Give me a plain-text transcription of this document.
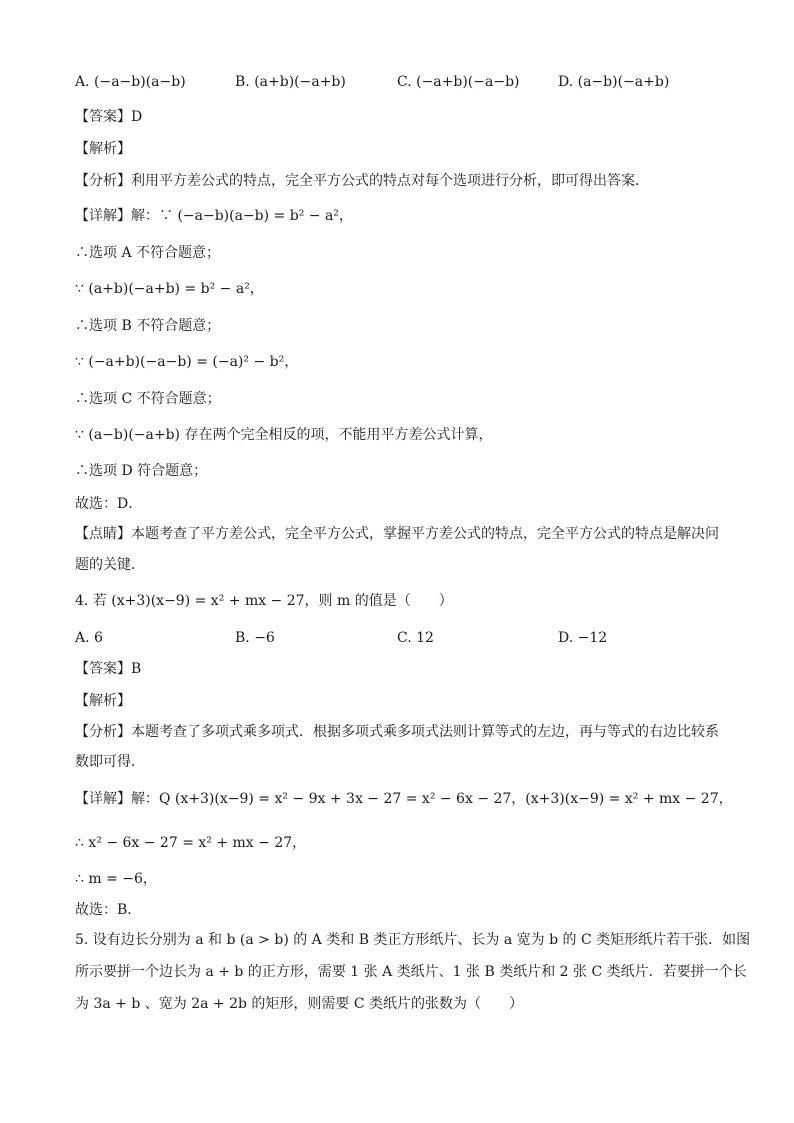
A. (−a−b)(a−b)	B. (a+b)(−a+b)	C. (−a+b)(−a−b)	D. (a−b)(−a+b)
【答案】D
【解析】
【分析】利用平方差公式的特点，完全平方公式的特点对每个选项进行分析，即可得出答案．
【详解】解：∵ (−a−b)(a−b) = b² − a²，
∴选项 A 不符合题意；
∵ (a+b)(−a+b) = b² − a²，
∴选项 B 不符合题意；
∵ (−a+b)(−a−b) = (−a)² − b²，
∴选项 C 不符合题意；
∵ (a−b)(−a+b) 存在两个完全相反的项，不能用平方差公式计算，
∴选项 D 符合题意；
故选：D．
【点睛】本题考查了平方差公式，完全平方公式，掌握平方差公式的特点，完全平方公式的特点是解决问
题的关键．
4. 若 (x+3)(x−9) = x² + mx − 27，则 m 的值是（　　）
A. 6	B. −6	C. 12	D. −12
【答案】B
【解析】
【分析】本题考查了多项式乘多项式．根据多项式乘多项式法则计算等式的左边，再与等式的右边比较系
数即可得．
【详解】解：Q (x+3)(x−9) = x² − 9x + 3x − 27 = x² − 6x − 27，(x+3)(x−9) = x² + mx − 27，
∴ x² − 6x − 27 = x² + mx − 27，
∴ m = −6，
故选：B．
5. 设有边长分别为 a 和 b (a > b) 的 A 类和 B 类正方形纸片、长为 a 宽为 b 的 C 类矩形纸片若干张．如图
所示要拼一个边长为 a + b 的正方形，需要 1 张 A 类纸片、1 张 B 类纸片和 2 张 C 类纸片．若要拼一个长
为 3a + b 、宽为 2a + 2b 的矩形，则需要 C 类纸片的张数为（　　）
